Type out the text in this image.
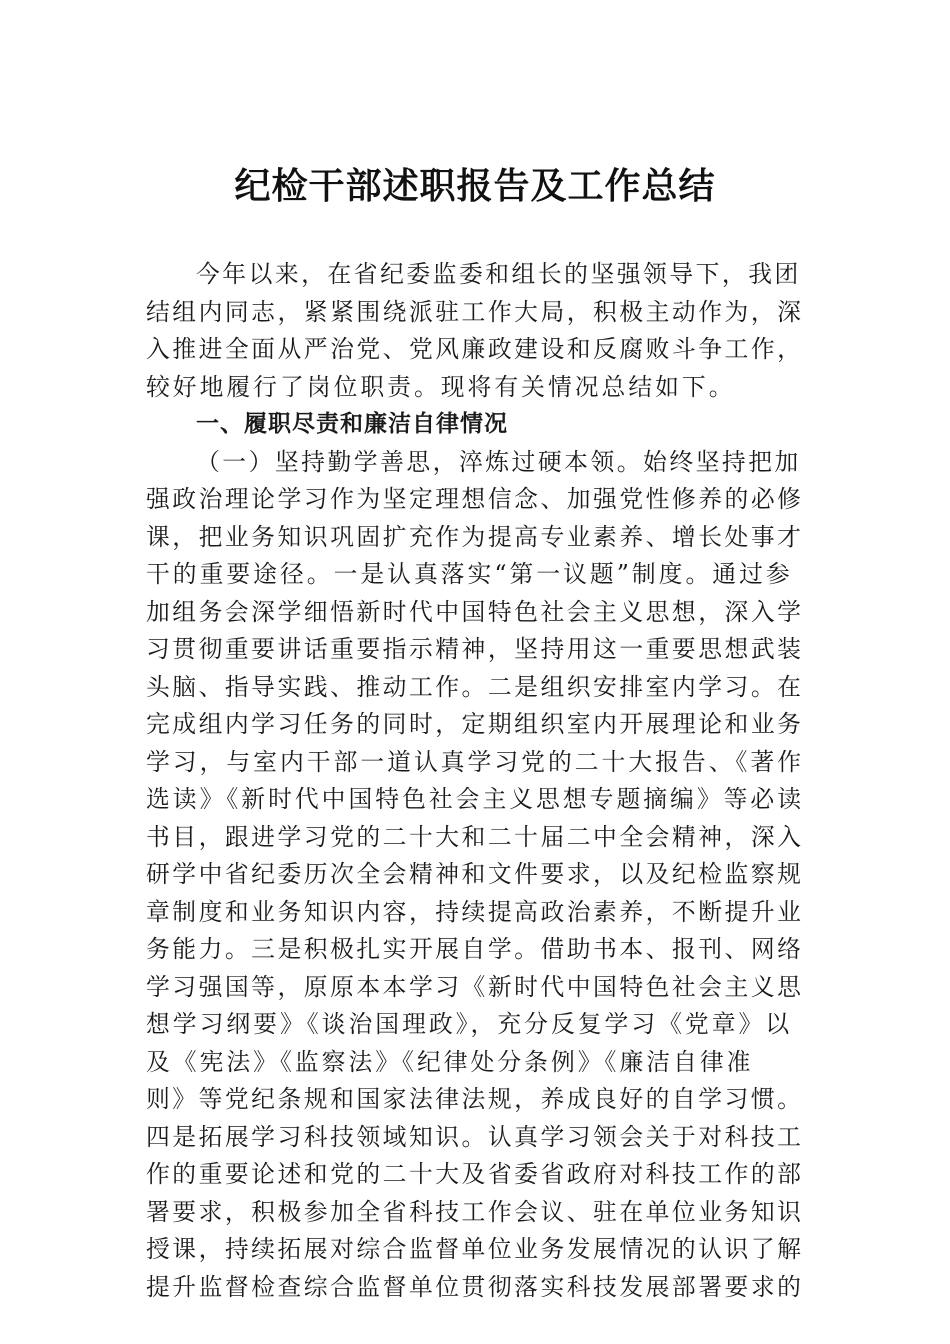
纪检干部述职报告及工作总结
今年以来，在省纪委监委和组长的坚强领导下，我团
结组内同志，紧紧围绕派驻工作大局，积极主动作为，深
入推进全面从严治党、党风廉政建设和反腐败斗争工作，
较好地履行了岗位职责。现将有关情况总结如下。
一、履职尽责和廉洁自律情况
（一）坚持勤学善思，淬炼过硬本领。始终坚持把加
强政治理论学习作为坚定理想信念、加强党性修养的必修
课，把业务知识巩固扩充作为提高专业素养、增长处事才
干的重要途径。一是认真落实“第一议题”制度。通过参
加组务会深学细悟新时代中国特色社会主义思想，深入学
习贯彻重要讲话重要指示精神，坚持用这一重要思想武装
头脑、指导实践、推动工作。二是组织安排室内学习。在
完成组内学习任务的同时，定期组织室内开展理论和业务
学习，与室内干部一道认真学习党的二十大报告、《著作
选读》《新时代中国特色社会主义思想专题摘编》等必读
书目，跟进学习党的二十大和二十届二中全会精神，深入
研学中省纪委历次全会精神和文件要求，以及纪检监察规
章制度和业务知识内容，持续提高政治素养，不断提升业
务能力。三是积极扎实开展自学。借助书本、报刊、网络
学习强国等，原原本本学习《新时代中国特色社会主义思
想学习纲要》《谈治国理政》，充分反复学习《党章》以
及《宪法》《监察法》《纪律处分条例》《廉洁自律准
则》等党纪条规和国家法律法规，养成良好的自学习惯。
四是拓展学习科技领域知识。认真学习领会关于对科技工
作的重要论述和党的二十大及省委省政府对科技工作的部
署要求，积极参加全省科技工作会议、驻在单位业务知识
授课，持续拓展对综合监督单位业务发展情况的认识了解
提升监督检查综合监督单位贯彻落实科技发展部署要求的
